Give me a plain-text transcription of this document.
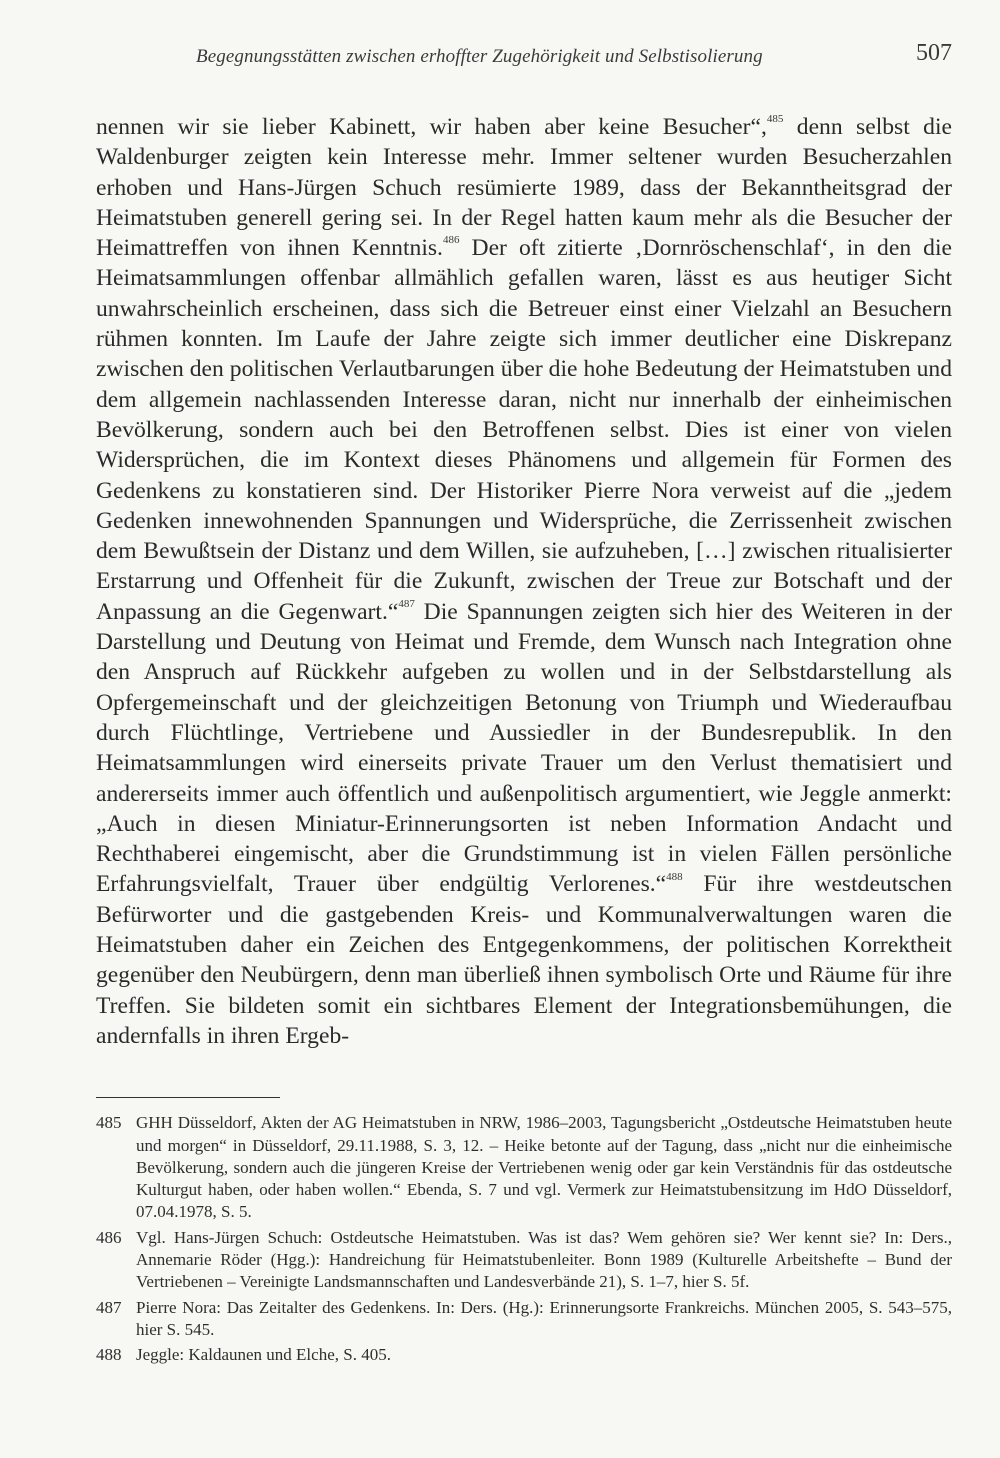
Begegnungsstätten zwischen erhoffter Zugehörigkeit und Selbstisolierung	507
nennen wir sie lieber Kabinett, wir haben aber keine Besucher“,$^{485}$ denn selbst die Waldenburger zeigten kein Interesse mehr. Immer seltener wurden Besucherzahlen erhoben und Hans-Jürgen Schuch resümierte 1989, dass der Bekanntheitsgrad der Heimatstuben generell gering sei. In der Regel hatten kaum mehr als die Besucher der Heimattreffen von ihnen Kenntnis.$^{486}$ Der oft zitierte ‚Dornröschenschlaf‘, in den die Heimatsammlungen offenbar allmählich gefallen waren, lässt es aus heutiger Sicht unwahrscheinlich erscheinen, dass sich die Betreuer einst einer Vielzahl an Besuchern rühmen konnten. Im Laufe der Jahre zeigte sich immer deutlicher eine Diskrepanz zwischen den politischen Verlautbarungen über die hohe Bedeutung der Heimatstuben und dem allgemein nachlassenden Interesse daran, nicht nur innerhalb der einheimischen Bevölkerung, sondern auch bei den Betroffenen selbst. Dies ist einer von vielen Widersprüchen, die im Kontext dieses Phänomens und allgemein für Formen des Gedenkens zu konstatieren sind. Der Historiker Pierre Nora verweist auf die „jedem Gedenken innewohnenden Spannungen und Widersprüche, die Zerrissenheit zwischen dem Bewußtsein der Distanz und dem Willen, sie aufzuheben, […] zwischen ritualisierter Erstarrung und Offenheit für die Zukunft, zwischen der Treue zur Botschaft und der Anpassung an die Gegenwart.“$^{487}$ Die Spannungen zeigten sich hier des Weiteren in der Darstellung und Deutung von Heimat und Fremde, dem Wunsch nach Integration ohne den Anspruch auf Rückkehr aufgeben zu wollen und in der Selbstdarstellung als Opfergemeinschaft und der gleichzeitigen Betonung von Triumph und Wiederaufbau durch Flüchtlinge, Vertriebene und Aussiedler in der Bundesrepublik. In den Heimatsammlungen wird einerseits private Trauer um den Verlust thematisiert und andererseits immer auch öffentlich und außenpolitisch argumentiert, wie Jeggle anmerkt: „Auch in diesen Miniatur-Erinnerungsorten ist neben Information Andacht und Rechthaberei eingemischt, aber die Grundstimmung ist in vielen Fällen persönliche Erfahrungsvielfalt, Trauer über endgültig Verlorenes.“$^{488}$ Für ihre westdeutschen Befürworter und die gastgebenden Kreis- und Kommunalverwaltungen waren die Heimatstuben daher ein Zeichen des Entgegenkommens, der politischen Korrektheit gegenüber den Neubürgern, denn man überließ ihnen symbolisch Orte und Räume für ihre Treffen. Sie bildeten somit ein sichtbares Element der Integrationsbemühungen, die andernfalls in ihren Ergeb-
485 GHH Düsseldorf, Akten der AG Heimatstuben in NRW, 1986–2003, Tagungsbericht „Ostdeutsche Heimatstuben heute und morgen“ in Düsseldorf, 29.11.1988, S. 3, 12. – Heike betonte auf der Tagung, dass „nicht nur die einheimische Bevölkerung, sondern auch die jüngeren Kreise der Vertriebenen wenig oder gar kein Verständnis für das ostdeutsche Kulturgut haben, oder haben wollen.“ Ebenda, S. 7 und vgl. Vermerk zur Heimatstubensitzung im HdO Düsseldorf, 07.04.1978, S. 5.
486 Vgl. Hans-Jürgen Schuch: Ostdeutsche Heimatstuben. Was ist das? Wem gehören sie? Wer kennt sie? In: Ders., Annemarie Röder (Hgg.): Handreichung für Heimatstubenleiter. Bonn 1989 (Kulturelle Arbeitshefte – Bund der Vertriebenen – Vereinigte Landsmannschaften und Landesverbände 21), S. 1–7, hier S. 5f.
487 Pierre Nora: Das Zeitalter des Gedenkens. In: Ders. (Hg.): Erinnerungsorte Frankreichs. München 2005, S. 543–575, hier S. 545.
488 Jeggle: Kaldaunen und Elche, S. 405.
